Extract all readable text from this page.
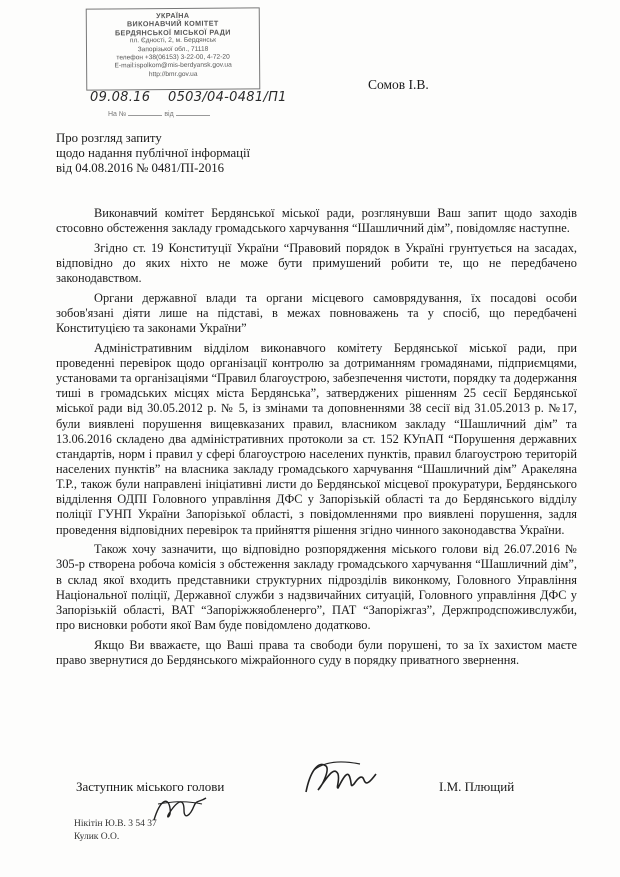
УКРАЇНА
ВИКОНАВЧИЙ КОМІТЕТ
БЕРДЯНСЬКОЇ МІСЬКОЇ РАДИ
пл. Єдності, 2, м. Бердянськ
Запорізької обл., 71118
телефон +38(06153) 3-22-00, 4-72-20
E-mail:ispolkom@mis-berdyansk.gov.ua
http://bmr.gov.ua
09.08.16 0503/04-0481/П1
На №	від
Сомов І.В.
Про розгляд запиту
щодо надання публічної інформації
від 04.08.2016 № 0481/ПІ-2016

Виконавчий комітет Бердянської міської ради, розглянувши Ваш запит щодо заходів стосовно обстеження закладу громадського харчування “Шашличний дім”, повідомляє наступне.

Згідно ст. 19 Конституції України “Правовий порядок в Україні грунтується на засадах, відповідно до яких ніхто не може бути примушений робити те, що не передбачено законодавством.

Органи державної влади та органи місцевого самоврядування, їх посадові особи зобов'язані діяти лише на підставі, в межах повноважень та у спосіб, що передбачені Конституцією та законами України”

Адміністративним відділом виконавчого комітету Бердянської міської ради, при проведенні перевірок щодо організації контролю за дотриманням громадянами, підприємцями, установами та організаціями “Правил благоустрою, забезпечення чистоти, порядку та додержання тиші в громадських місцях міста Бердянська”, затверджених рішенням 25 сесії Бердянської міської ради від 30.05.2012 р. № 5, із змінами та доповненнями 38 сесії від 31.05.2013 р. №17, були виявлені порушення вищевказаних правил, власником закладу “Шашличний дім” та 13.06.2016 складено два адміністративних протоколи за ст. 152 КУпАП “Порушення державних стандартів, норм і правил у сфері благоустрою населених пунктів, правил благоустрою територій населених пунктів” на власника закладу громадського харчування “Шашличний дім” Аракеляна Т.Р., також були направлені ініціативні листи до Бердянської місцевої прокуратури, Бердянського відділення ОДПІ Головного управління ДФС у Запорізькій області та до Бердянського відділу поліції ГУНП України Запорізької області, з повідомленнями про виявлені порушення, задля проведення відповідних перевірок та прийняття рішення згідно чинного законодавства України.

Також хочу зазначити, що відповідно розпорядження міського голови від 26.07.2016 № 305-р створена робоча комісія з обстеження закладу громадського харчування “Шашличний дім”, в склад якої входить представники структурних підрозділів виконкому, Головного Управління Національної поліції, Державної служби з надзвичайних ситуацій, Головного управління ДФС у Запорізькій області, ВАТ “Запоріжжяобленерго”, ПАТ “Запоріжгаз”, Держпродспоживслужби, про висновки роботи якої Вам буде повідомлено додатково.

Якщо Ви вважаєте, що Ваші права та свободи були порушені, то за їх захистом маєте право звернутися до Бердянського міжрайонного суду в порядку приватного звернення.

Заступник міського голови	І.М. Плющий
Нікітін Ю.В. 3 54 37
Кулик О.О.
